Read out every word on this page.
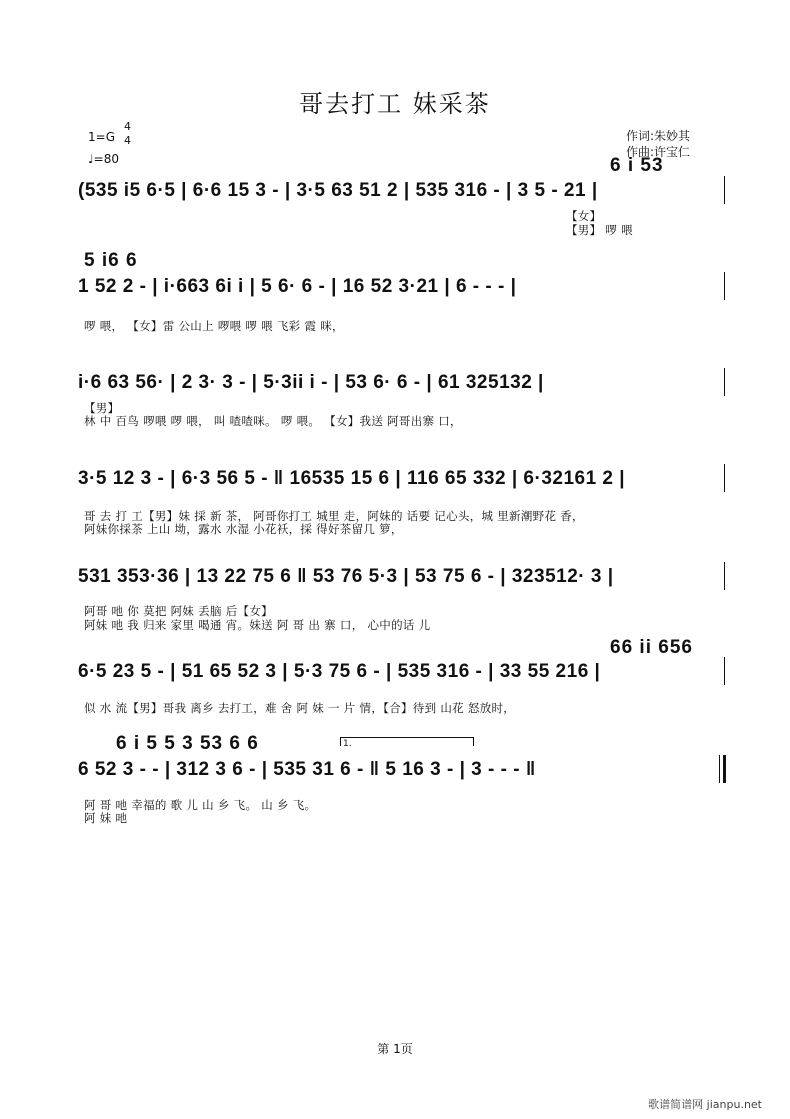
哥去打工 妹采茶
1=G
4
4
♩=80
作词:朱妙其
作曲:许宝仁
6 i 53
(535 i5 6·5 | 6·6 15 3 - | 3·5 63 51 2 | 535 316 - | 3 5 - 21 |
【女】
【男】 啰 喂
5 i6 6
1 52 2 - | i·663 6i i | 5 6· 6 - | 16 52 3·21 | 6 - - - |
啰 喂， 【女】雷 公山上 啰喂 啰 喂 飞彩 霞 咪，
i·6 63 56· | 2 3· 3 - | 5·3ii i - | 53 6· 6 - | 61 325132 |
【男】
林 中 百鸟 啰喂 啰 喂， 叫 喳喳咪。 啰 喂。 【女】我送 阿哥出寨 口，
3·5 12 3 - | 6·3 56 5 - ‖ 16535 15 6 | 116 65 332 | 6·32161 2 |
哥 去 打 工【男】妹 採 新 茶， 阿哥你打工 城里 走，阿妹的 话要 记心头，城 里新潮野花 香，
阿妹你採茶 上山 坳，露水 水湿 小花袄，採 得好茶留几 箩，
531 353·36 | 13 22 75 6 ‖ 53 76 5·3 | 53 75 6 - | 323512· 3 |
阿哥 吔 你 莫把 阿妹 丢脑 后【女】
阿妹 吔 我 归来 家里 喝通 宵。妹送 阿 哥 出 寨 口， 心中的话 儿
66 ii 656
6·5 23 5 - | 51 65 52 3 | 5·3 75 6 - | 535 316 - | 33 55 216 |
似 水 流【男】哥我 离乡 去打工，难 舍 阿 妹 一 片 情，【合】待到 山花 怒放时，
6 i 5 5 3 53 6 6	1.
6 52 3 - - | 312 3 6 - | 535 31 6 - ‖ 5 16 3 - | 3 - - - ‖
阿 哥 吔 幸福的 歌 儿 山 乡 飞。 山 乡 飞。
阿 妹 吔
第 1页
歌谱简谱网 jianpu.net
